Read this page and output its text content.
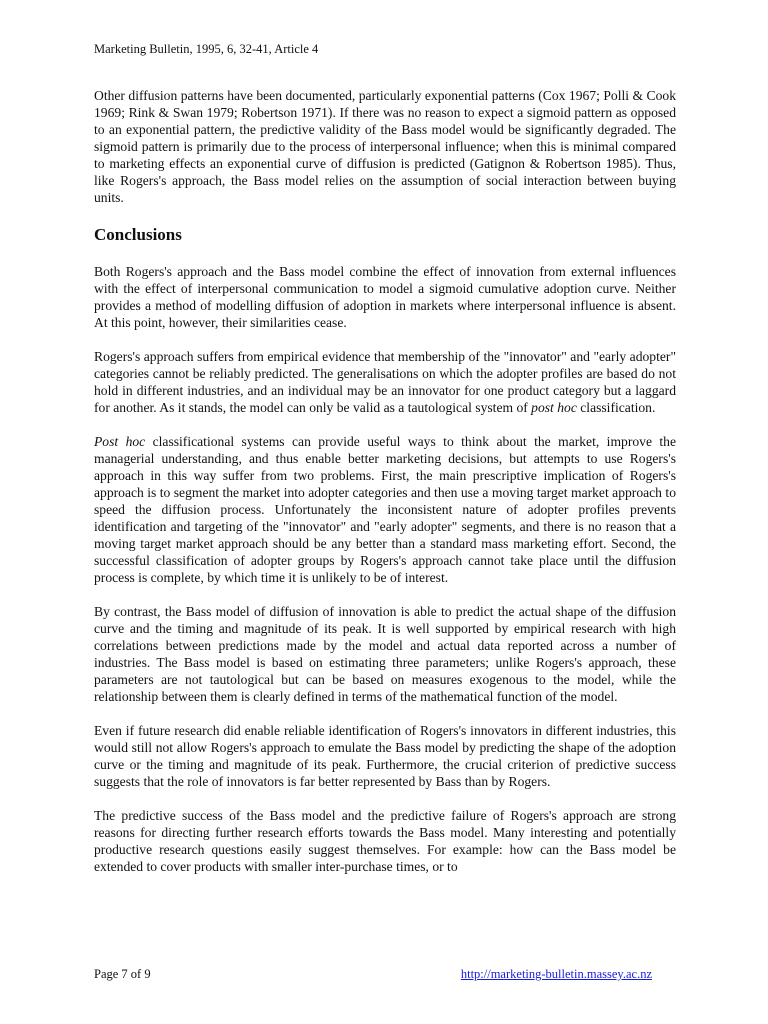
Marketing Bulletin, 1995, 6, 32-41, Article 4

Other diffusion patterns have been documented, particularly exponential patterns (Cox 1967; Polli & Cook 1969; Rink & Swan 1979; Robertson 1971). If there was no reason to expect a sigmoid pattern as opposed to an exponential pattern, the predictive validity of the Bass model would be significantly degraded. The sigmoid pattern is primarily due to the process of interpersonal influence; when this is minimal compared to marketing effects an exponential curve of diffusion is predicted (Gatignon & Robertson 1985). Thus, like Rogers's approach, the Bass model relies on the assumption of social interaction between buying units.

Conclusions

Both Rogers's approach and the Bass model combine the effect of innovation from external influences with the effect of interpersonal communication to model a sigmoid cumulative adoption curve. Neither provides a method of modelling diffusion of adoption in markets where interpersonal influence is absent. At this point, however, their similarities cease.

Rogers's approach suffers from empirical evidence that membership of the "innovator" and "early adopter" categories cannot be reliably predicted. The generalisations on which the adopter profiles are based do not hold in different industries, and an individual may be an innovator for one product category but a laggard for another. As it stands, the model can only be valid as a tautological system of post hoc classification.

Post hoc classificational systems can provide useful ways to think about the market, improve the managerial understanding, and thus enable better marketing decisions, but attempts to use Rogers's approach in this way suffer from two problems. First, the main prescriptive implication of Rogers's approach is to segment the market into adopter categories and then use a moving target market approach to speed the diffusion process. Unfortunately the inconsistent nature of adopter profiles prevents identification and targeting of the "innovator" and "early adopter" segments, and there is no reason that a moving target market approach should be any better than a standard mass marketing effort. Second, the successful classification of adopter groups by Rogers's approach cannot take place until the diffusion process is complete, by which time it is unlikely to be of interest.

By contrast, the Bass model of diffusion of innovation is able to predict the actual shape of the diffusion curve and the timing and magnitude of its peak. It is well supported by empirical research with high correlations between predictions made by the model and actual data reported across a number of industries. The Bass model is based on estimating three parameters; unlike Rogers's approach, these parameters are not tautological but can be based on measures exogenous to the model, while the relationship between them is clearly defined in terms of the mathematical function of the model.

Even if future research did enable reliable identification of Rogers's innovators in different industries, this would still not allow Rogers's approach to emulate the Bass model by predicting the shape of the adoption curve or the timing and magnitude of its peak. Furthermore, the crucial criterion of predictive success suggests that the role of innovators is far better represented by Bass than by Rogers.

The predictive success of the Bass model and the predictive failure of Rogers's approach are strong reasons for directing further research efforts towards the Bass model. Many interesting and potentially productive research questions easily suggest themselves. For example: how can the Bass model be extended to cover products with smaller inter-purchase times, or to

Page 7 of 9	http://marketing-bulletin.massey.ac.nz
